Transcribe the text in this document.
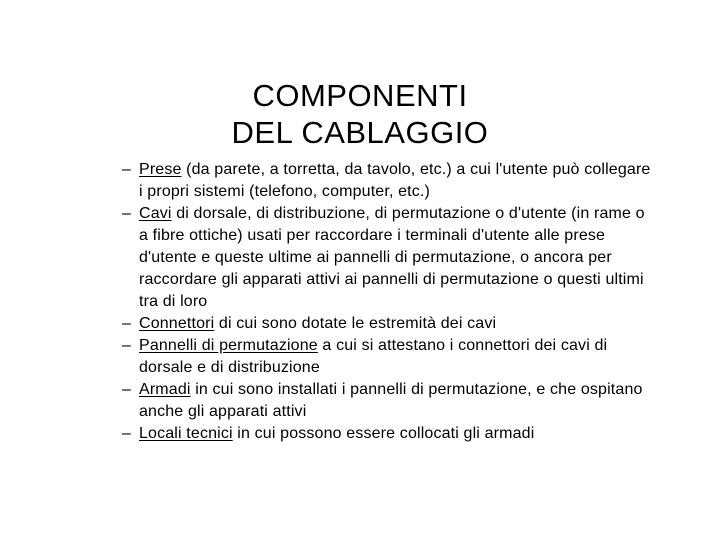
COMPONENTI
DEL CABLAGGIO
– Prese (da parete, a torretta, da tavolo, etc.) a cui l'utente può collegare i propri sistemi (telefono, computer, etc.)
– Cavi di dorsale, di distribuzione, di permutazione o d'utente (in rame o a fibre ottiche) usati per raccordare i terminali d'utente alle prese d'utente e queste ultime ai pannelli di permutazione, o ancora per raccordare gli apparati attivi ai pannelli di permutazione o questi ultimi tra di loro
– Connettori di cui sono dotate le estremità dei cavi
– Pannelli di permutazione a cui si attestano i connettori dei cavi di dorsale e di distribuzione
– Armadi in cui sono installati i pannelli di permutazione, e che ospitano anche gli apparati attivi
– Locali tecnici in cui possono essere collocati gli armadi
